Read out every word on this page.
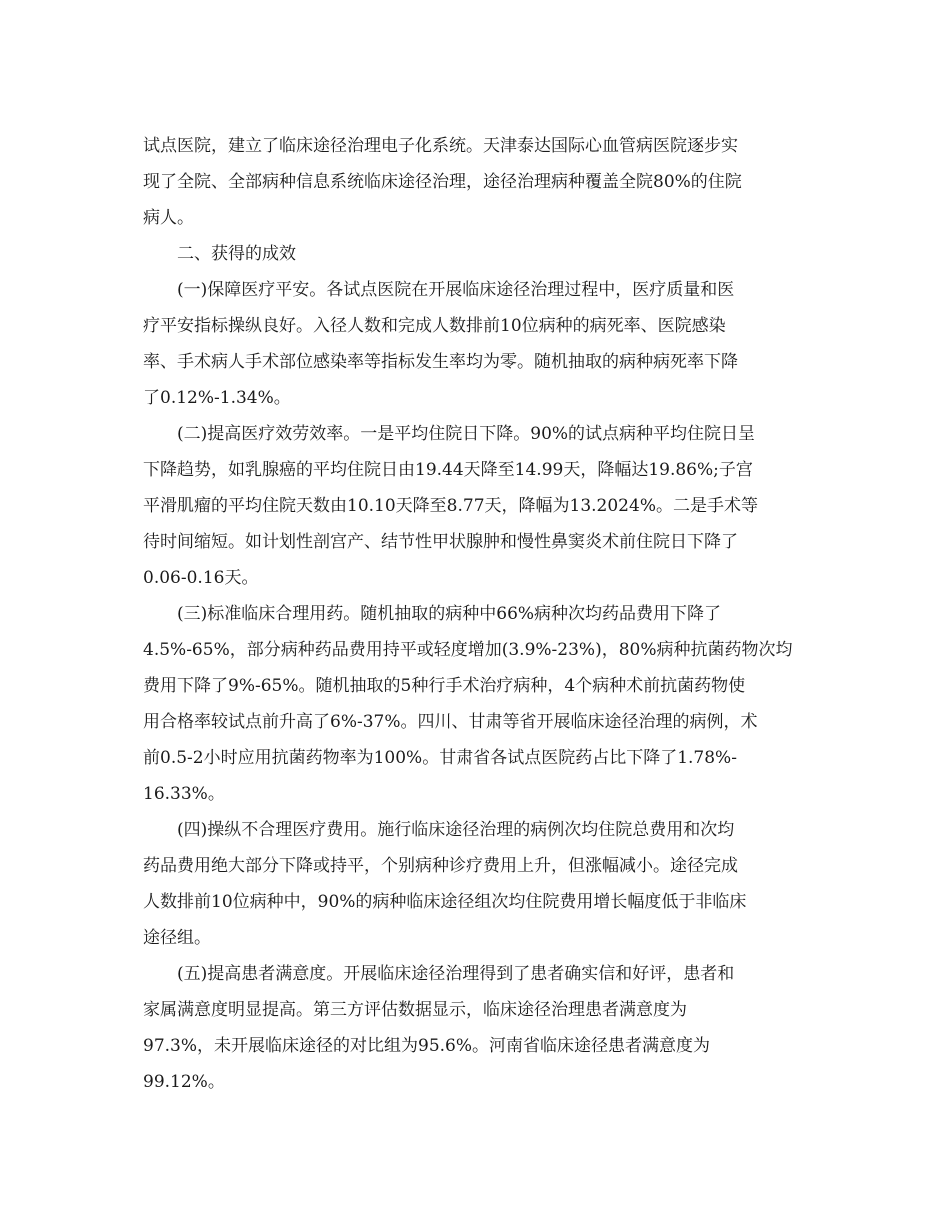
试点医院，建立了临床途径治理电子化系统。天津泰达国际心血管病医院逐步实
现了全院、全部病种信息系统临床途径治理，途径治理病种覆盖全院80%的住院
病人。
二、获得的成效
(一)保障医疗平安。各试点医院在开展临床途径治理过程中，医疗质量和医
疗平安指标操纵良好。入径人数和完成人数排前10位病种的病死率、医院感染
率、手术病人手术部位感染率等指标发生率均为零。随机抽取的病种病死率下降
了0.12%-1.34%。
(二)提高医疗效劳效率。一是平均住院日下降。90%的试点病种平均住院日呈
下降趋势，如乳腺癌的平均住院日由19.44天降至14.99天，降幅达19.86%;子宫
平滑肌瘤的平均住院天数由10.10天降至8.77天，降幅为13.2024%。二是手术等
待时间缩短。如计划性剖宫产、结节性甲状腺肿和慢性鼻窦炎术前住院日下降了
0.06-0.16天。
(三)标准临床合理用药。随机抽取的病种中66%病种次均药品费用下降了
4.5%-65%，部分病种药品费用持平或轻度增加(3.9%-23%)，80%病种抗菌药物次均
费用下降了9%-65%。随机抽取的5种行手术治疗病种，4个病种术前抗菌药物使
用合格率较试点前升高了6%-37%。四川、甘肃等省开展临床途径治理的病例，术
前0.5-2小时应用抗菌药物率为100%。甘肃省各试点医院药占比下降了1.78%-
16.33%。
(四)操纵不合理医疗费用。施行临床途径治理的病例次均住院总费用和次均
药品费用绝大部分下降或持平，个别病种诊疗费用上升，但涨幅减小。途径完成
人数排前10位病种中，90%的病种临床途径组次均住院费用增长幅度低于非临床
途径组。
(五)提高患者满意度。开展临床途径治理得到了患者确实信和好评，患者和
家属满意度明显提高。第三方评估数据显示，临床途径治理患者满意度为
97.3%，未开展临床途径的对比组为95.6%。河南省临床途径患者满意度为
99.12%。
